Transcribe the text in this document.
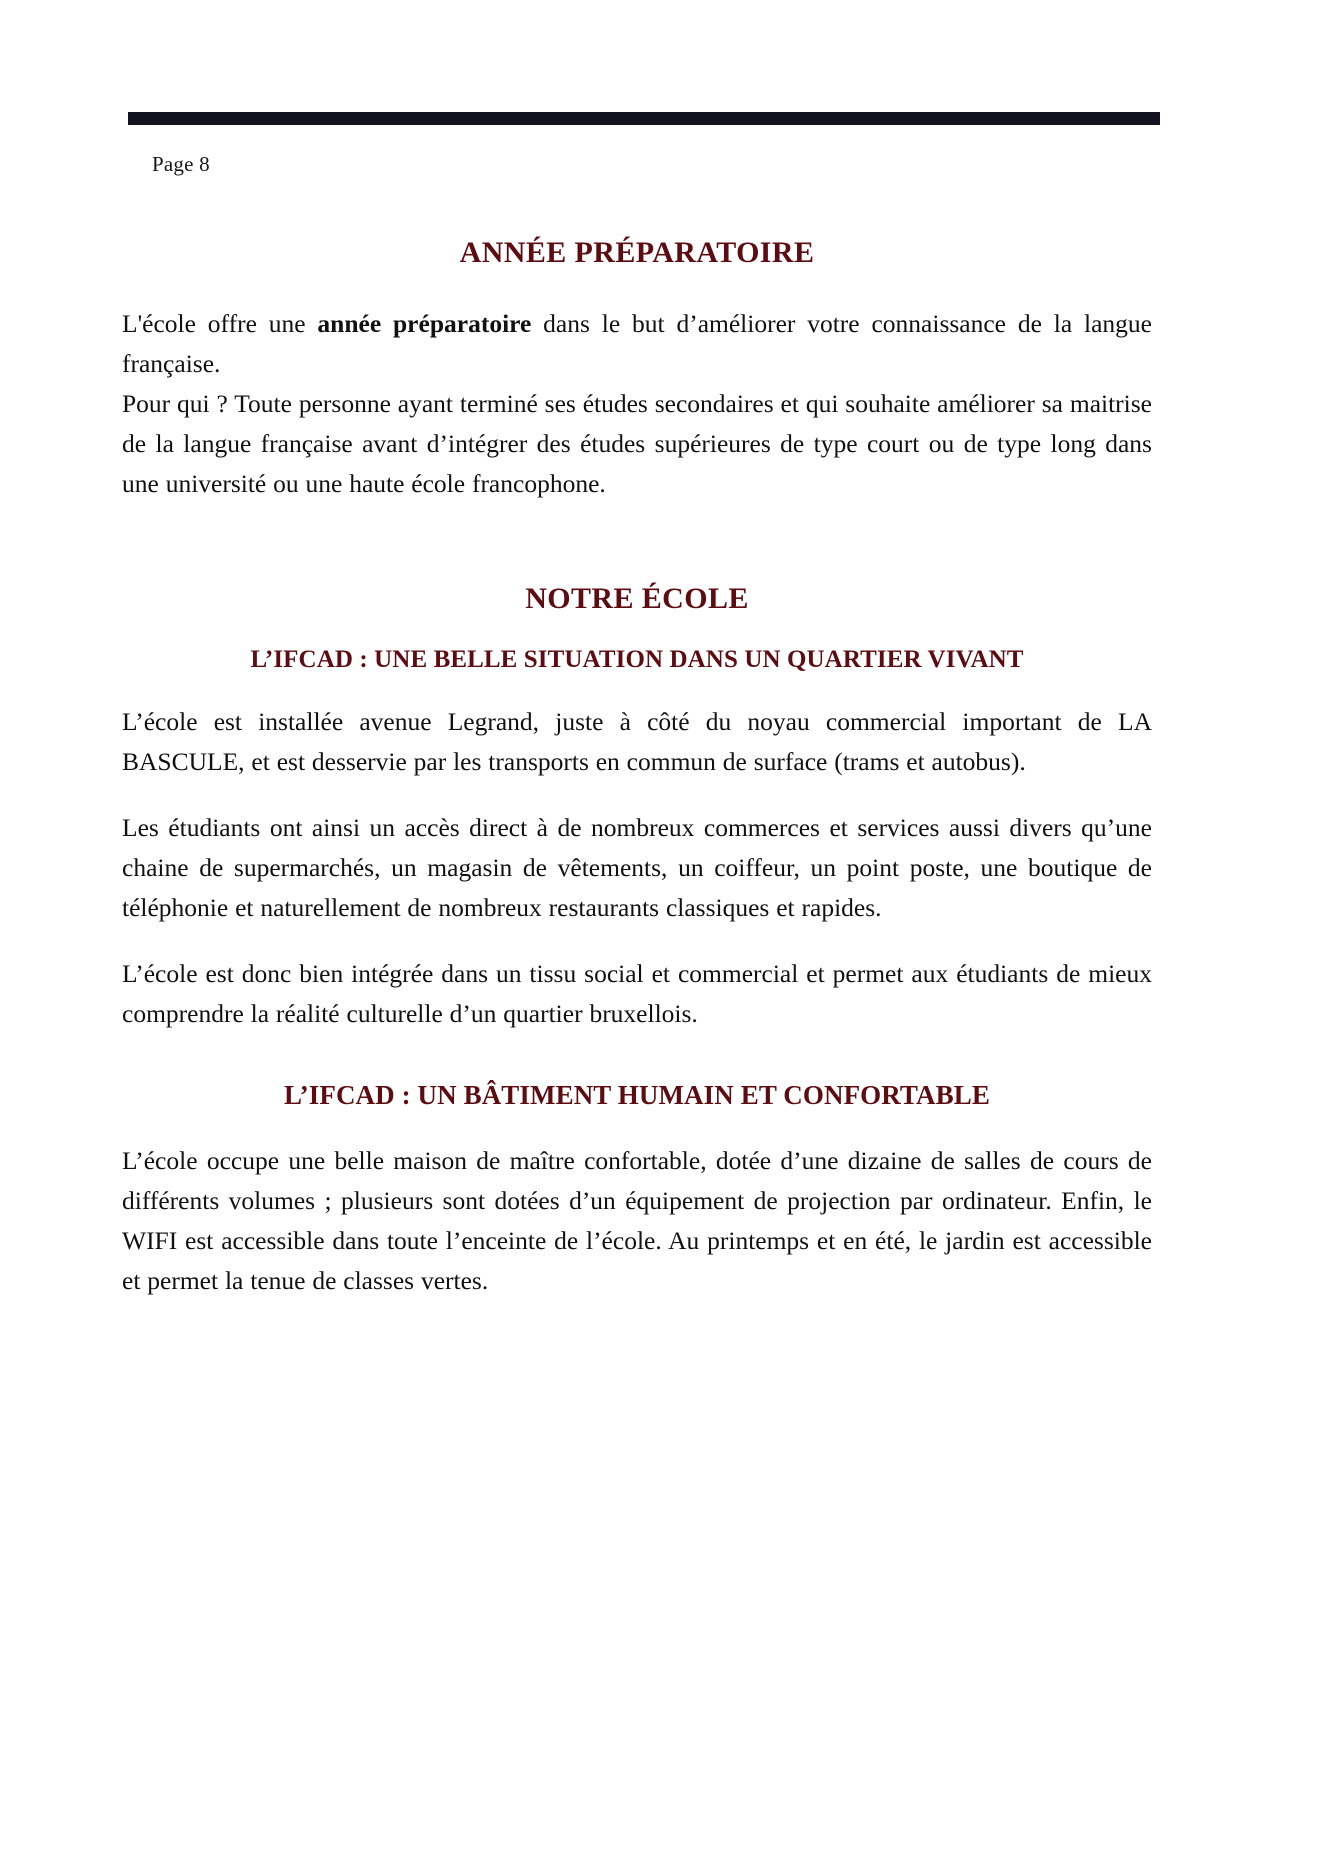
Page 8
ANNÉE PRÉPARATOIRE

L'école offre une année préparatoire dans le but d’améliorer votre connaissance de la langue française.

Pour qui ? Toute personne ayant terminé ses études secondaires et qui souhaite améliorer sa maitrise de la langue française avant d’intégrer des études supérieures de type court ou de type long dans une université ou une haute école francophone.

NOTRE ÉCOLE
L’IFCAD : UNE BELLE SITUATION DANS UN QUARTIER VIVANT

L’école est installée avenue Legrand, juste à côté du noyau commercial important de LA BASCULE, et est desservie par les transports en commun de surface (trams et autobus).

Les étudiants ont ainsi un accès direct à de nombreux commerces et services aussi divers qu’une chaine de supermarchés, un magasin de vêtements, un coiffeur, un point poste, une boutique de téléphonie et naturellement de nombreux restaurants classiques et rapides.

L’école est donc bien intégrée dans un tissu social et commercial et permet aux étudiants de mieux comprendre la réalité culturelle d’un quartier bruxellois.

L’IFCAD : UN BÂTIMENT HUMAIN ET CONFORTABLE

L’école occupe une belle maison de maître confortable, dotée d’une dizaine de salles de cours de différents volumes ; plusieurs sont dotées d’un équipement de projection par ordinateur. Enfin, le WIFI est accessible dans toute l’enceinte de l’école. Au printemps et en été, le jardin est accessible et permet la tenue de classes vertes.
